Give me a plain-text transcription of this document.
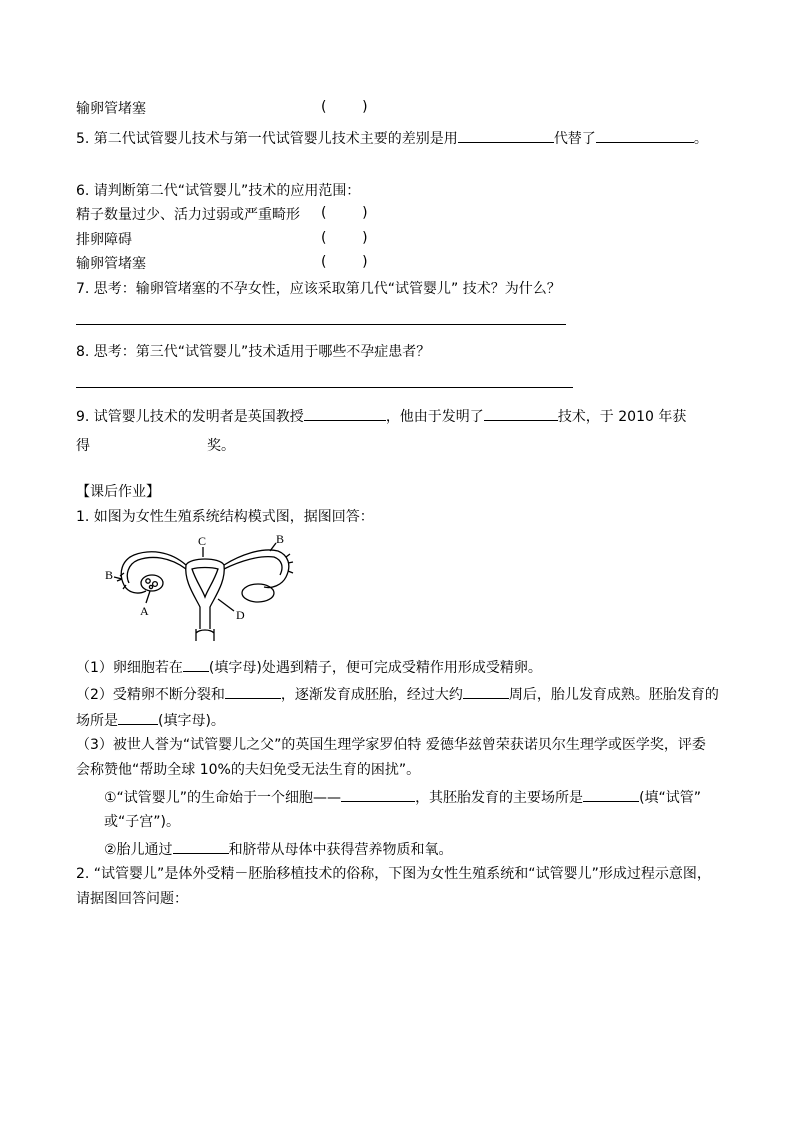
输卵管堵塞	(        )
5. 第二代试管婴儿技术与第一代试管婴儿技术主要的差别是用	代替了	。
6. 请判断第二代“试管婴儿”技术的应用范围：
精子数量过少、活力过弱或严重畸形 (        )
排卵障碍	(        )
输卵管堵塞	(        )
7. 思考：输卵管堵塞的不孕女性，应该采取第几代“试管婴儿” 技术？为什么？
8. 思考：第三代“试管婴儿”技术适用于哪些不孕症患者？
9. 试管婴儿技术的发明者是英国教授	，他由于发明了	技术，于 2010 年获
得	奖。
【课后作业】
1. 如图为女性生殖系统结构模式图，据图回答：
C	B
B
A	D
（1）卵细胞若在 (填字母)处遇到精子，便可完成受精作用形成受精卵。
（2）受精卵不断分裂和	，逐渐发育成胚胎，经过大约	周后，胎儿发育成熟。胚胎发育的
场所是	(填字母)。
（3）被世人誉为“试管婴儿之父”的英国生理学家罗伯特 爱德华兹曾荣获诺贝尔生理学或医学奖，评委
会称赞他“帮助全球 10%的夫妇免受无法生育的困扰”。
①“试管婴儿”的生命始于一个细胞——	，其胚胎发育的主要场所是	(填“试管”
或“子宫”)。
②胎儿通过	和脐带从母体中获得营养物质和氧。
2. “试管婴儿”是体外受精－胚胎移植技术的俗称，下图为女性生殖系统和“试管婴儿”形成过程示意图，
请据图回答问题：
